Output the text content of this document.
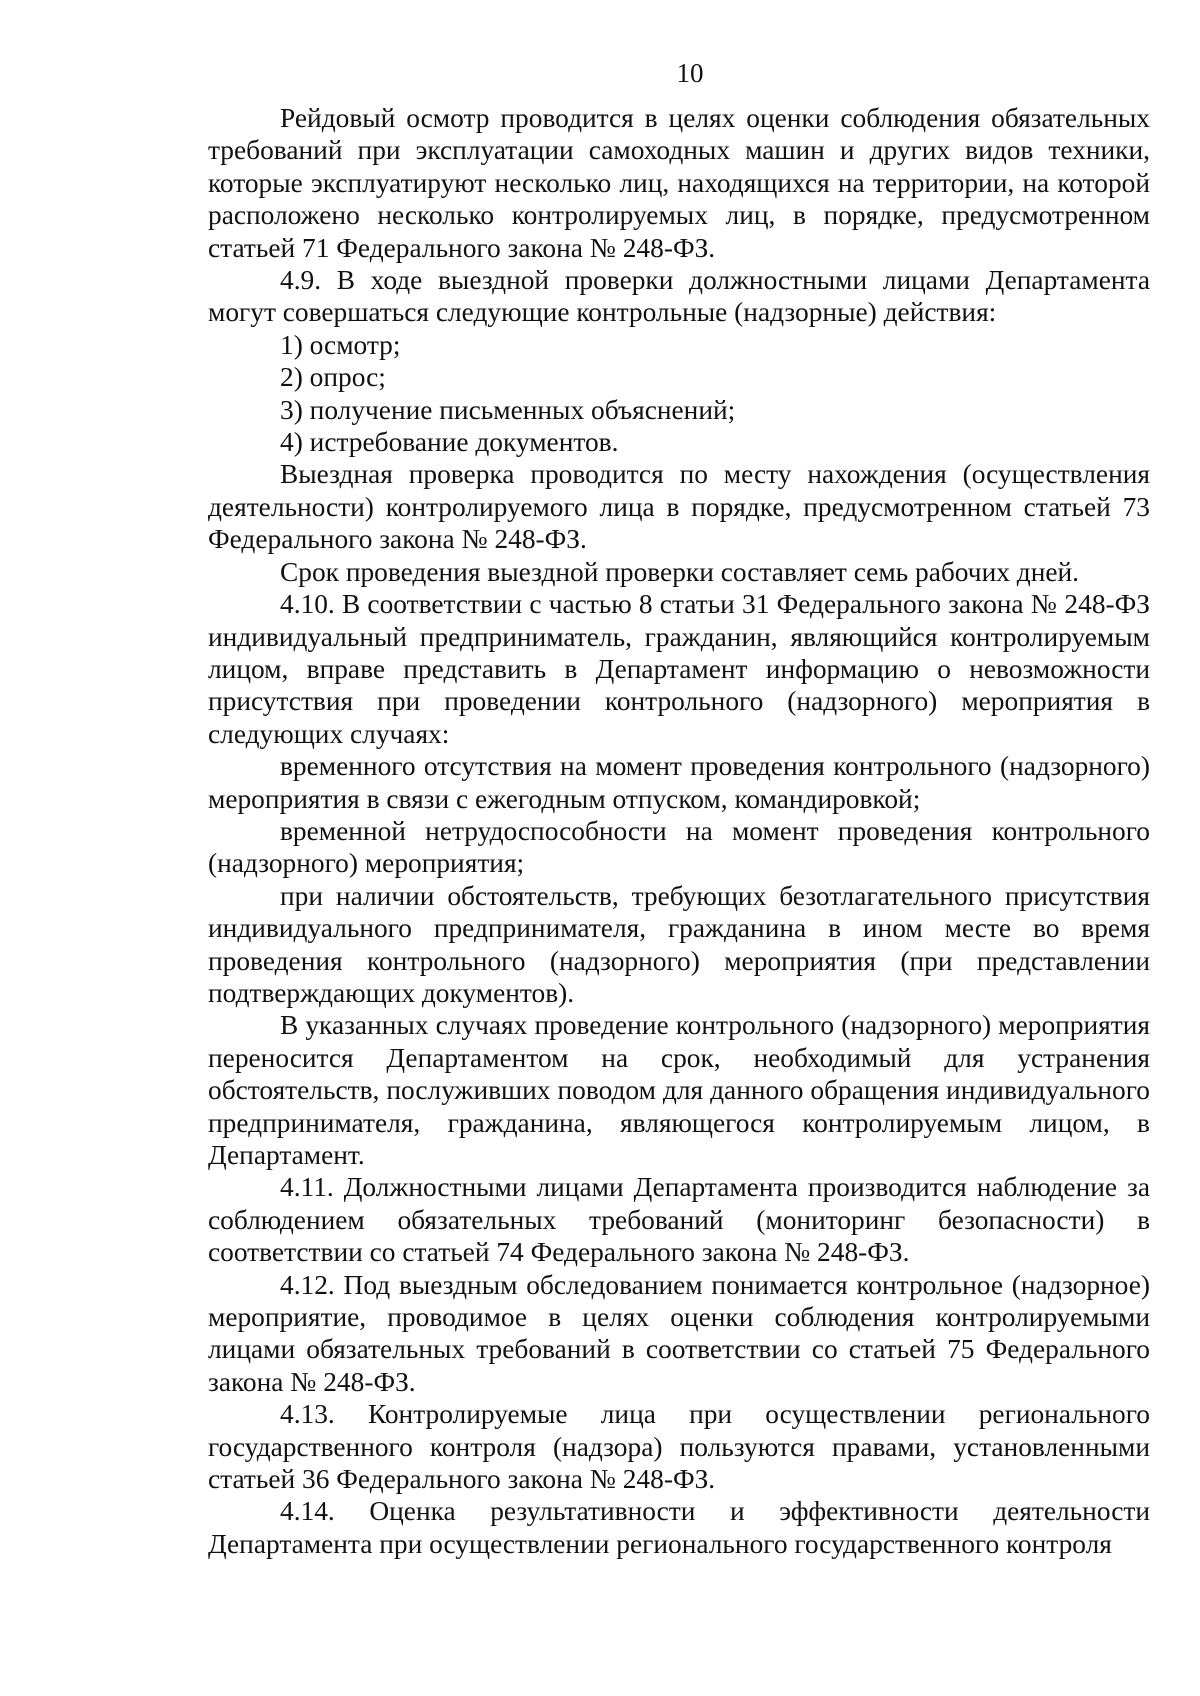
10

Рейдовый осмотр проводится в целях оценки соблюдения обязательных требований при эксплуатации самоходных машин и других видов техники, которые эксплуатируют несколько лиц, находящихся на территории, на которой расположено несколько контролируемых лиц, в порядке, предусмотренном статьей 71 Федерального закона № 248-ФЗ.

4.9. В ходе выездной проверки должностными лицами Департамента могут совершаться следующие контрольные (надзорные) действия:

1) осмотр;

2) опрос;

3) получение письменных объяснений;

4) истребование документов.

Выездная проверка проводится по месту нахождения (осуществления деятельности) контролируемого лица в порядке, предусмотренном статьей 73 Федерального закона № 248-ФЗ.

Срок проведения выездной проверки составляет семь рабочих дней.

4.10. В соответствии с частью 8 статьи 31 Федерального закона № 248-ФЗ индивидуальный предприниматель, гражданин, являющийся контролируемым лицом, вправе представить в Департамент информацию о невозможности присутствия при проведении контрольного (надзорного) мероприятия в следующих случаях:

временного отсутствия на момент проведения контрольного (надзорного) мероприятия в связи с ежегодным отпуском, командировкой;

временной нетрудоспособности на момент проведения контрольного (надзорного) мероприятия;

при наличии обстоятельств, требующих безотлагательного присутствия индивидуального предпринимателя, гражданина в ином месте во время проведения контрольного (надзорного) мероприятия (при представлении подтверждающих документов).

В указанных случаях проведение контрольного (надзорного) мероприятия переносится Департаментом на срок, необходимый для устранения обстоятельств, послуживших поводом для данного обращения индивидуального предпринимателя, гражданина, являющегося контролируемым лицом, в Департамент.

4.11. Должностными лицами Департамента производится наблюдение за соблюдением обязательных требований (мониторинг безопасности) в соответствии со статьей 74 Федерального закона № 248-ФЗ.

4.12. Под выездным обследованием понимается контрольное (надзорное) мероприятие, проводимое в целях оценки соблюдения контролируемыми лицами обязательных требований в соответствии со статьей 75 Федерального закона № 248-ФЗ.

4.13. Контролируемые лица при осуществлении регионального государственного контроля (надзора) пользуются правами, установленными статьей 36 Федерального закона № 248-ФЗ.

4.14. Оценка результативности и эффективности деятельности Департамента при осуществлении регионального государственного контроля
